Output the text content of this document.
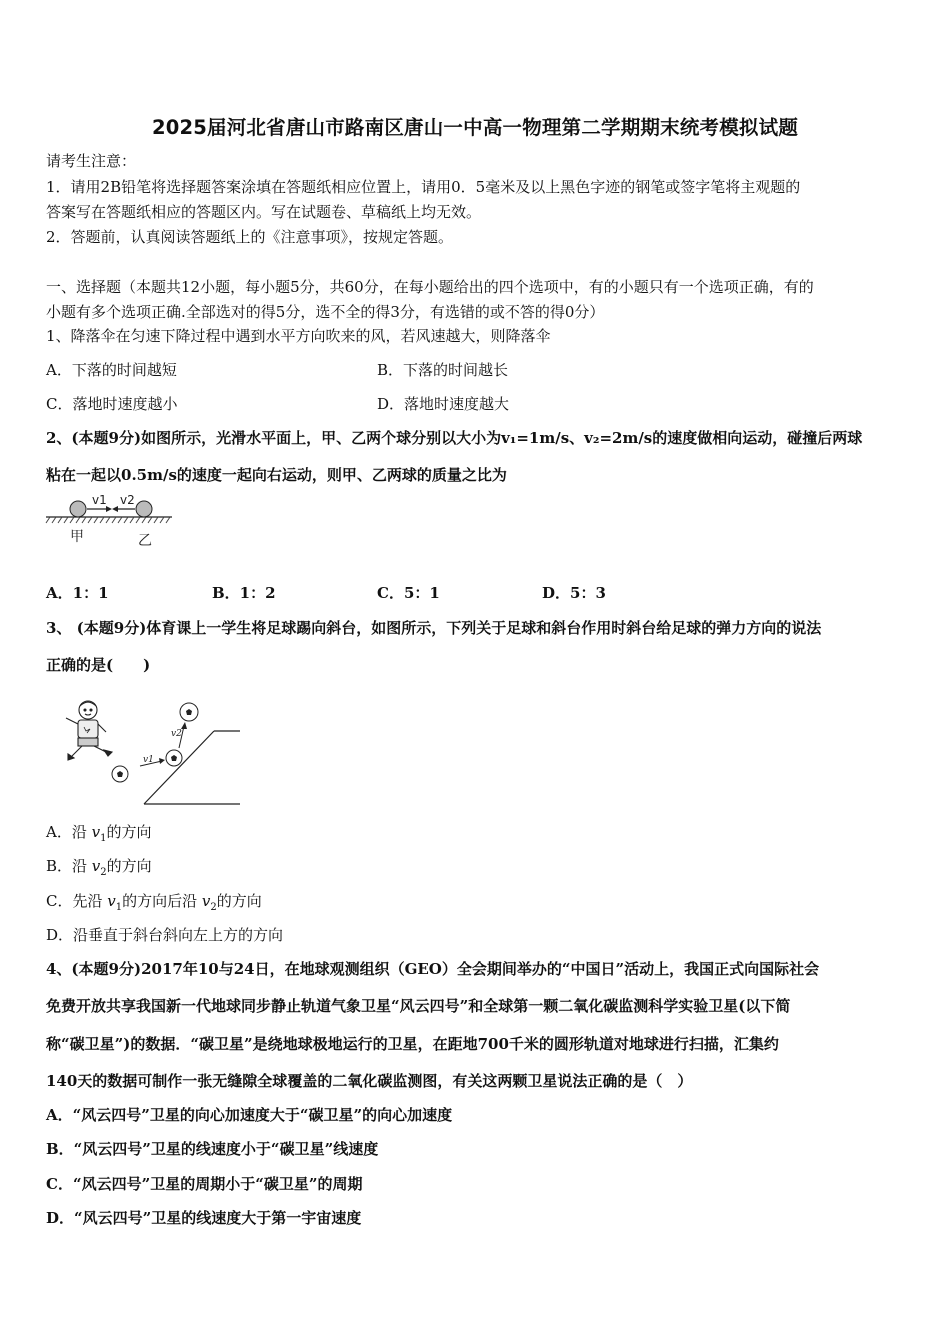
2025届河北省唐山市路南区唐山一中高一物理第二学期期末统考模拟试题
请考生注意：
1．请用2B铅笔将选择题答案涂填在答题纸相应位置上，请用0．5毫米及以上黑色字迹的钢笔或签字笔将主观题的
答案写在答题纸相应的答题区内。写在试题卷、草稿纸上均无效。
2．答题前，认真阅读答题纸上的《注意事项》，按规定答题。
一、选择题（本题共12小题，每小题5分，共60分，在每小题给出的四个选项中，有的小题只有一个选项正确，有的
小题有多个选项正确.全部选对的得5分，选不全的得3分，有选错的或不答的得0分）
1、降落伞在匀速下降过程中遇到水平方向吹来的风，若风速越大，则降落伞
A．下落的时间越短	B．下落的时间越长
C．落地时速度越小	D．落地时速度越大
2、(本题9分)如图所示，光滑水平面上，甲、乙两个球分别以大小为v₁=1m/s、v₂=2m/s的速度做相向运动，碰撞后两球
粘在一起以0.5m/s的速度一起向右运动，则甲、乙两球的质量之比为
v1 v2
甲	乙
A．1：1	B．1：2	C．5：1	D．5：3
3、 (本题9分)体育课上一学生将足球踢向斜台，如图所示，下列关于足球和斜台作用时斜台给足球的弹力方向的说法
正确的是(　　)
v1
v2
A．沿 $v_1$的方向
B．沿 $v_2$的方向
C．先沿 $v_1$的方向后沿 $v_2$的方向
D．沿垂直于斜台斜向左上方的方向
4、(本题9分)2017年10与24日，在地球观测组织（GEO）全会期间举办的“中国日”活动上，我国正式向国际社会
免费开放共享我国新一代地球同步静止轨道气象卫星“风云四号”和全球第一颗二氧化碳监测科学实验卫星(以下简
称“碳卫星”)的数据．“碳卫星”是绕地球极地运行的卫星，在距地700千米的圆形轨道对地球进行扫描，汇集约
140天的数据可制作一张无缝隙全球覆盖的二氧化碳监测图，有关这两颗卫星说法正确的是（　）
A．“风云四号”卫星的向心加速度大于“碳卫星”的向心加速度
B．“风云四号”卫星的线速度小于“碳卫星”线速度
C．“风云四号”卫星的周期小于“碳卫星”的周期
D．“风云四号”卫星的线速度大于第一宇宙速度
